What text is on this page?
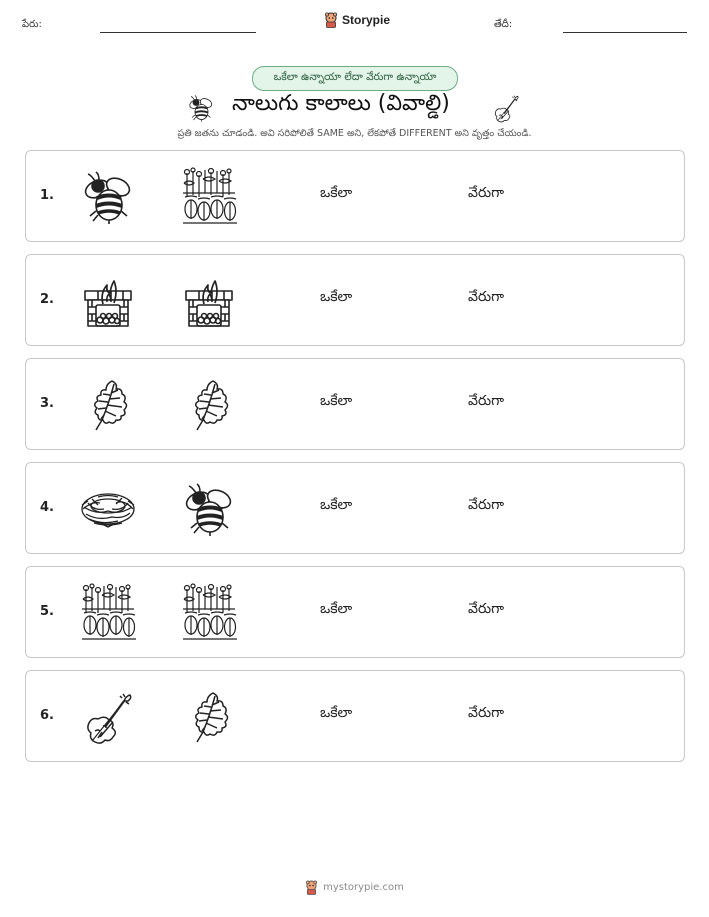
పేరు:	Storypie	తేదీ:
ఒకేలా ఉన్నాయా లేదా వేరుగా ఉన్నాయా
నాలుగు కాలాలు (వివాల్డి)
ప్రతి జతను చూడండి. అవి సరిపోలితే SAME అని, లేకపోతే DIFFERENT అని వృత్తం చేయండి.
1.	ఒకేలా	వేరుగా
2.	ఒకేలా	వేరుగా
3.	ఒకేలా	వేరుగా
4.	ఒకేలా	వేరుగా
5.	ఒకేలా	వేరుగా
6.	ఒకేలా	వేరుగా
mystorypie.com
